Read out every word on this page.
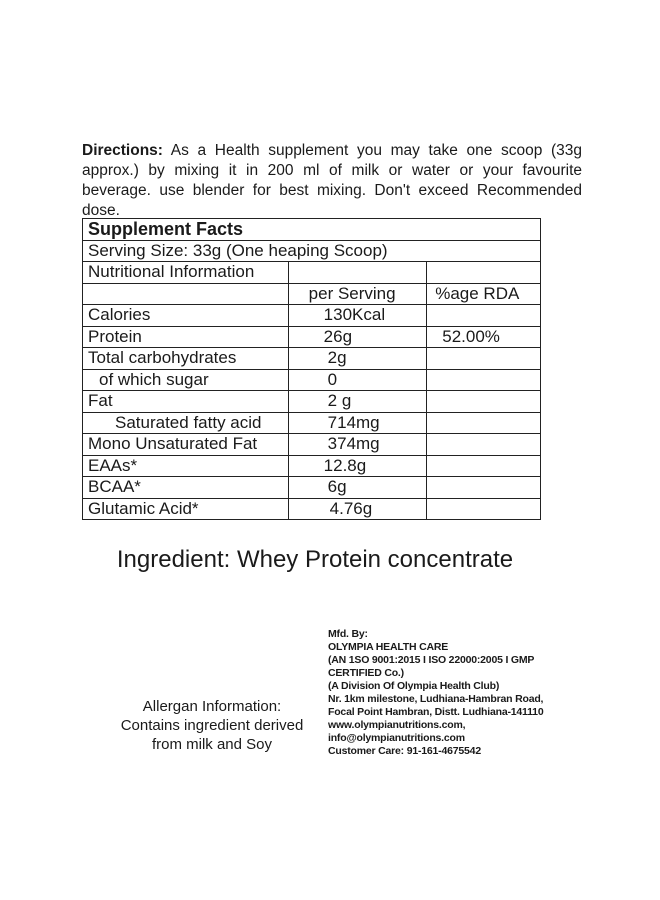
Directions: As a Health supplement you may take one scoop (33g approx.) by mixing it in 200 ml of milk or water or your favourite beverage. use blender for best mixing. Don't exceed Recommended dose.
Supplement Facts		
Serving Size: 33g (One heaping Scoop)		
Nutritional Information		
	per Serving	%age RDA
Calories	130Kcal	
Protein	26g	52.00%
Total carbohydrates	2g	
of which sugar	0	
Fat	2 g	
Saturated fatty acid	714mg	
Mono Unsaturated Fat	374mg	
EAAs*	12.8g	
BCAA*	6g	
Glutamic Acid*	4.76g	
Ingredient: Whey Protein concentrate
Allergan Information:
Contains ingredient derived
from milk and Soy
Mfd. By:
OLYMPIA HEALTH CARE
(AN 1SO 9001:2015 I ISO 22000:2005 I GMP
CERTIFIED Co.)
(A Division Of Olympia Health Club)
Nr. 1km milestone, Ludhiana-Hambran Road,
Focal Point Hambran, Distt. Ludhiana-141110
www.olympianutritions.com,
info@olympianutritions.com
Customer Care: 91-161-4675542
